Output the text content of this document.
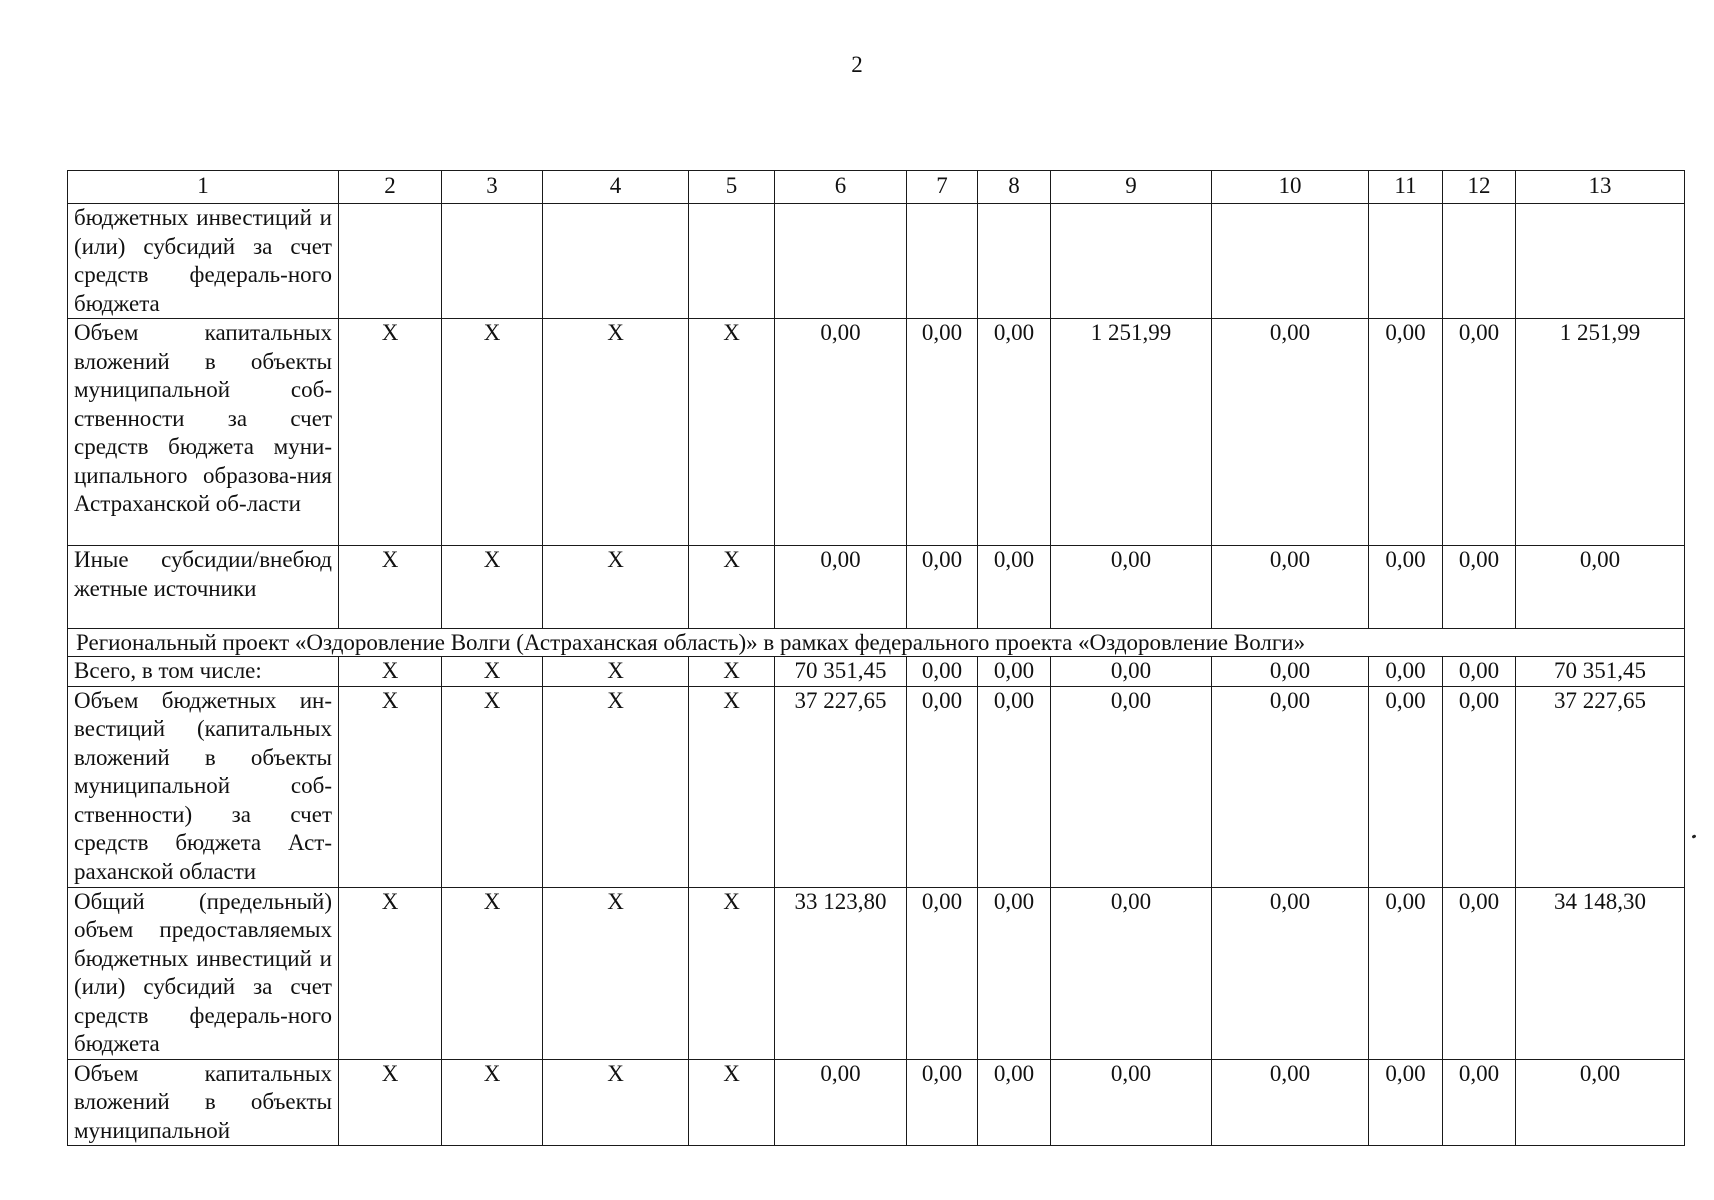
2
1	2	3	4	5	6	7	8	9	10	11	12	13
бюджетных инвестиций и (или) субсидий за счет средств федераль-ного бюджета												
Объем капитальных вложений в объекты муниципальной соб-ственности за счет средств бюджета муни-ципального образова-ния Астраханской об-ласти	X	X	X	X	0,00	0,00	0,00	1 251,99	0,00	0,00	0,00	1 251,99
Иные субсидии/внебюд жетные источники	X	X	X	X	0,00	0,00	0,00	0,00	0,00	0,00	0,00	0,00
Региональный проект «Оздоровление Волги (Астраханская область)» в рамках федерального проекта «Оздоровление Волги»												
Всего, в том числе:	X	X	X	X	70 351,45	0,00	0,00	0,00	0,00	0,00	0,00	70 351,45
Объем бюджетных ин-вестиций (капитальных вложений в объекты муниципальной соб-ственности) за счет средств бюджета Аст-раханской области	X	X	X	X	37 227,65	0,00	0,00	0,00	0,00	0,00	0,00	37 227,65
Общий (предельный) объем предоставляемых бюджетных инвестиций и (или) субсидий за счет средств федераль-ного бюджета	X	X	X	X	33 123,80	0,00	0,00	0,00	0,00	0,00	0,00	34 148,30
Объем капитальных вложений в объекты муниципальной	X	X	X	X	0,00	0,00	0,00	0,00	0,00	0,00	0,00	0,00
